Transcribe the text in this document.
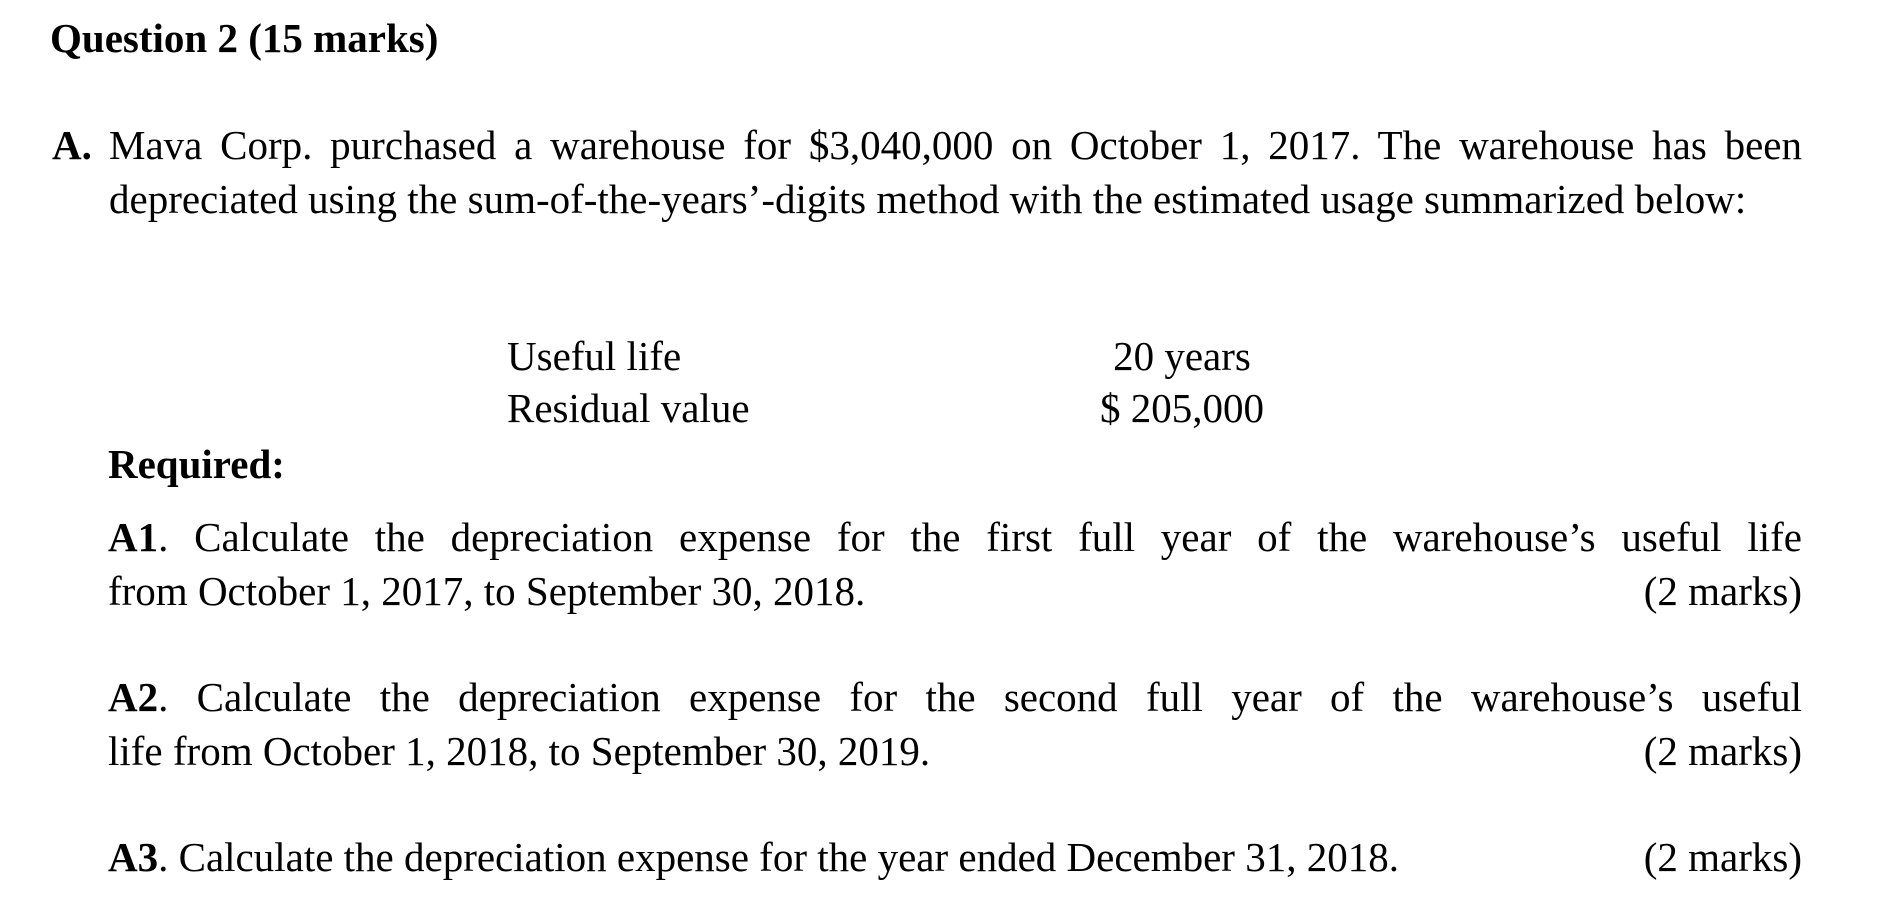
Question 2 (15 marks)
A. Mava Corp. purchased a warehouse for $3,040,000 on October 1, 2017. The warehouse has been depreciated using the sum-of-the-years’-digits method with the estimated usage summarized below:
Useful life	20 years
Residual value	$ 205,000
Required:
A1. Calculate the depreciation expense for the first full year of the warehouse’s useful life
from October 1, 2017, to September 30, 2018.	(2 marks)
A2. Calculate the depreciation expense for the second full year of the warehouse’s useful
life from October 1, 2018, to September 30, 2019.	(2 marks)
A3. Calculate the depreciation expense for the year ended December 31, 2018.	(2 marks)
